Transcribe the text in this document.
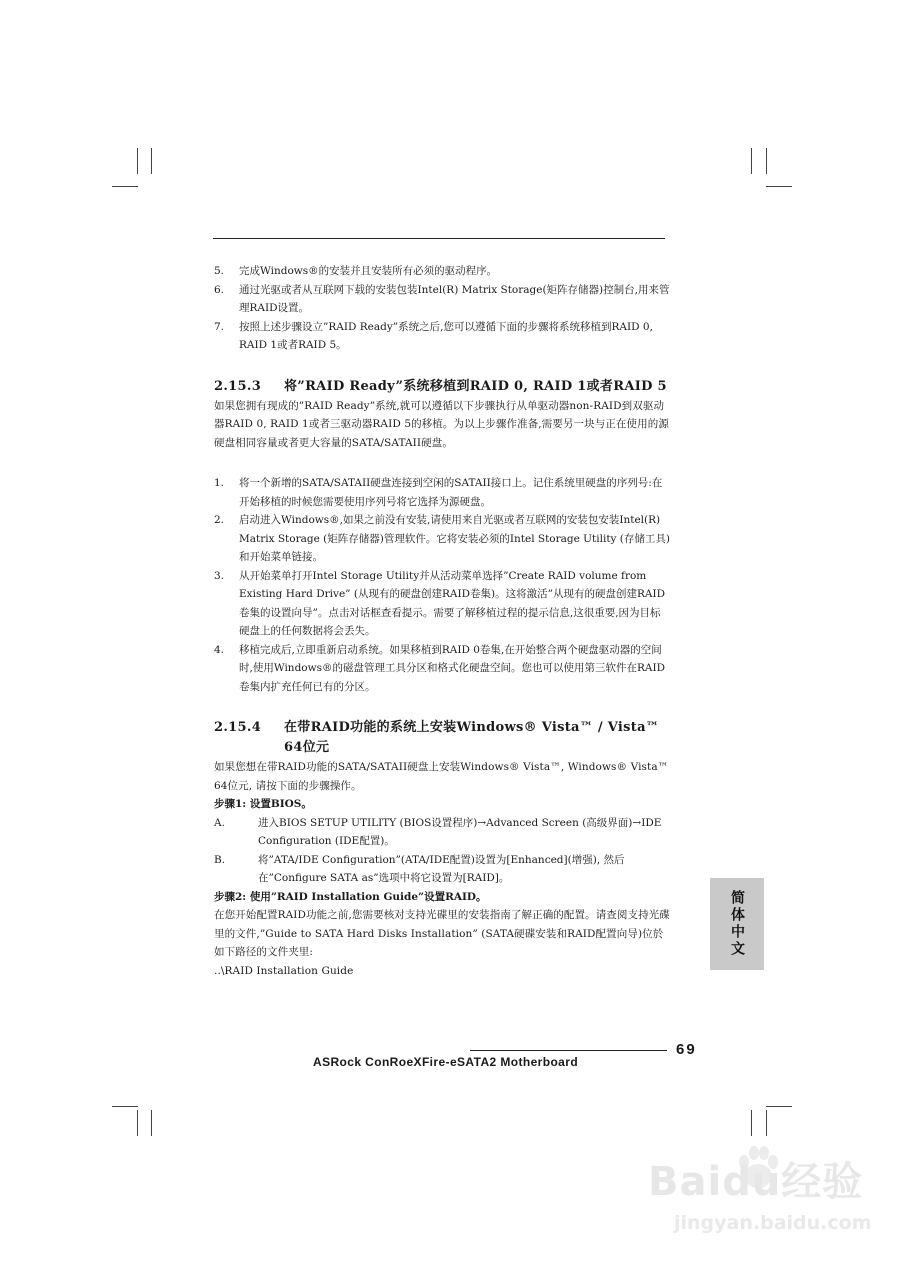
5. 完成Windows®的安装并且安装所有必须的驱动程序。

6. 通过光驱或者从互联网下载的安装包装Intel(R) Matrix Storage(矩阵存储器)控制台,用来管理RAID设置。

7. 按照上述步骤设立”RAID Ready”系统之后,您可以遵循下面的步骤将系统移植到RAID 0, RAID 1或者RAID 5。

2.15.3 将”RAID Ready”系统移植到RAID 0, RAID 1或者RAID 5

如果您拥有现成的”RAID Ready”系统,就可以遵循以下步骤执行从单驱动器non-RAID到双驱动器RAID 0, RAID 1或者三驱动器RAID 5的移植。为以上步骤作准备,需要另一块与正在使用的源硬盘相同容量或者更大容量的SATA/SATAII硬盘。

1. 将一个新增的SATA/SATAII硬盘连接到空闲的SATAII接口上。记住系统里硬盘的序列号:在开始移植的时候您需要使用序列号将它选择为源硬盘。

2. 启动进入Windows®,如果之前没有安装,请使用来自光驱或者互联网的安装包安装Intel(R) Matrix Storage (矩阵存储器)管理软件。它将安装必须的Intel Storage Utility (存储工具)和开始菜单链接。

3. 从开始菜单打开Intel Storage Utility并从活动菜单选择”Create RAID volume from Existing Hard Drive” (从现有的硬盘创建RAID卷集)。这将激活”从现有的硬盘创建RAID卷集的设置向导”。点击对话框查看提示。需要了解移植过程的提示信息,这很重要,因为目标硬盘上的任何数据将会丢失。

4. 移植完成后,立即重新启动系统。如果移植到RAID 0卷集,在开始整合两个硬盘驱动器的空间时,使用Windows®的磁盘管理工具分区和格式化硬盘空间。您也可以使用第三软件在RAID卷集内扩充任何已有的分区。

2.15.4 在带RAID功能的系统上安装Windows® Vista™ / Vista™ 64位元

如果您想在带RAID功能的SATA/SATAII硬盘上安装Windows® Vista™, Windows® Vista™ 64位元, 请按下面的步骤操作。

步骤1: 设置BIOS。

A.	进入BIOS SETUP UTILITY (BIOS设置程序)→Advanced Screen (高级界面)→IDE Configuration (IDE配置)。

B.	将”ATA/IDE Configuration”(ATA/IDE配置)设置为[Enhanced](增强), 然后在”Configure SATA as”选项中将它设置为[RAID]。

步骤2: 使用”RAID Installation Guide”设置RAID。

在您开始配置RAID功能之前,您需要核对支持光碟里的安装指南了解正确的配置。请查阅支持光碟里的文件,”Guide to SATA Hard Disks Installation” (SATA硬碟安装和RAID配置向导)位於如下路径的文件夹里:

..\RAID Installation Guide

69
ASRock ConRoeXFire-eSATA2 Motherboard
简体中文
Baidu经验
jingyan.baidu.com
